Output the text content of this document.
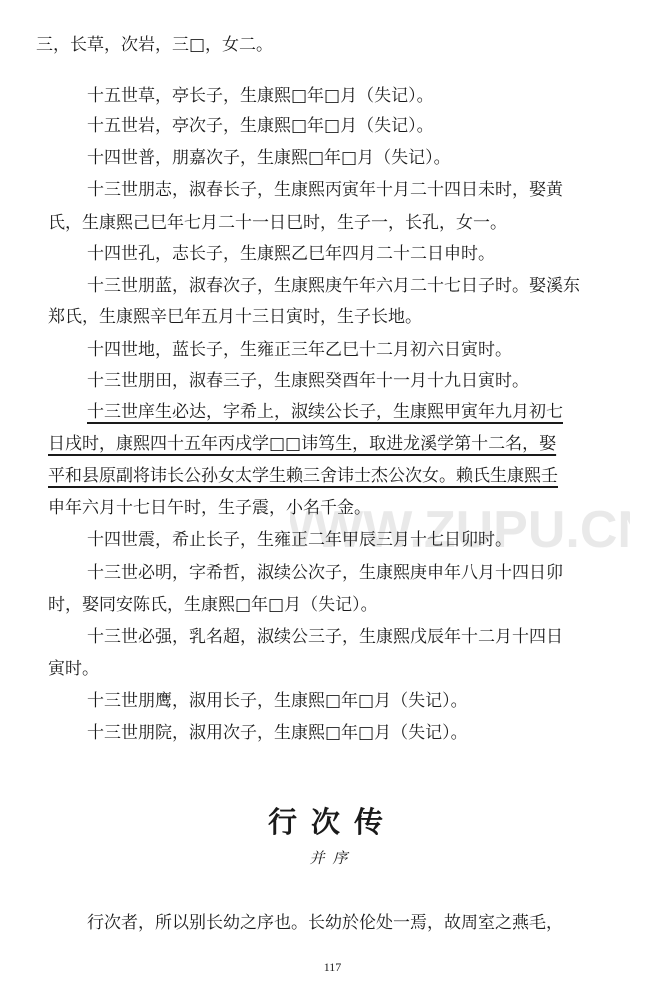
WW.ZUPU.C
三，长草，次岩，三□，女二。
十五世草，亭长子，生康熙□年□月（失记）。
十五世岩，亭次子，生康熙□年□月（失记）。
十四世普，朋嘉次子，生康熙□年□月（失记）。
十三世朋志，淑春长子，生康熙丙寅年十月二十四日未时，娶黄
氏，生康熙己巳年七月二十一日巳时，生子一，长孔，女一。
十四世孔，志长子，生康熙乙巳年四月二十二日申时。
十三世朋蓝，淑春次子，生康熙庚午年六月二十七日子时。娶溪东
郑氏，生康熙辛巳年五月十三日寅时，生子长地。
十四世地，蓝长子，生雍正三年乙巳十二月初六日寅时。
十三世朋田，淑春三子，生康熙癸酉年十一月十九日寅时。
十三世庠生必达，字希上，淑续公长子，生康熙甲寅年九月初七
日戌时，康熙四十五年丙戌学□□讳笃生，取进龙溪学第十二名，娶
平和县原副将讳长公孙女太学生赖三舍讳士杰公次女。赖氏生康熙壬
申年六月十七日午时，生子震，小名千金。
十四世震，希止长子，生雍正二年甲辰三月十七日卯时。
十三世必明，字希哲，淑续公次子，生康熙庚申年八月十四日卯
时，娶同安陈氏，生康熙□年□月（失记）。
十三世必强，乳名超，淑续公三子，生康熙戊辰年十二月十四日
寅时。
十三世朋鹰，淑用长子，生康熙□年□月（失记）。
十三世朋院，淑用次子，生康熙□年□月（失记）。
行次传
并序
行次者，所以别长幼之序也。长幼於伦处一焉，故周室之燕毛，
117
